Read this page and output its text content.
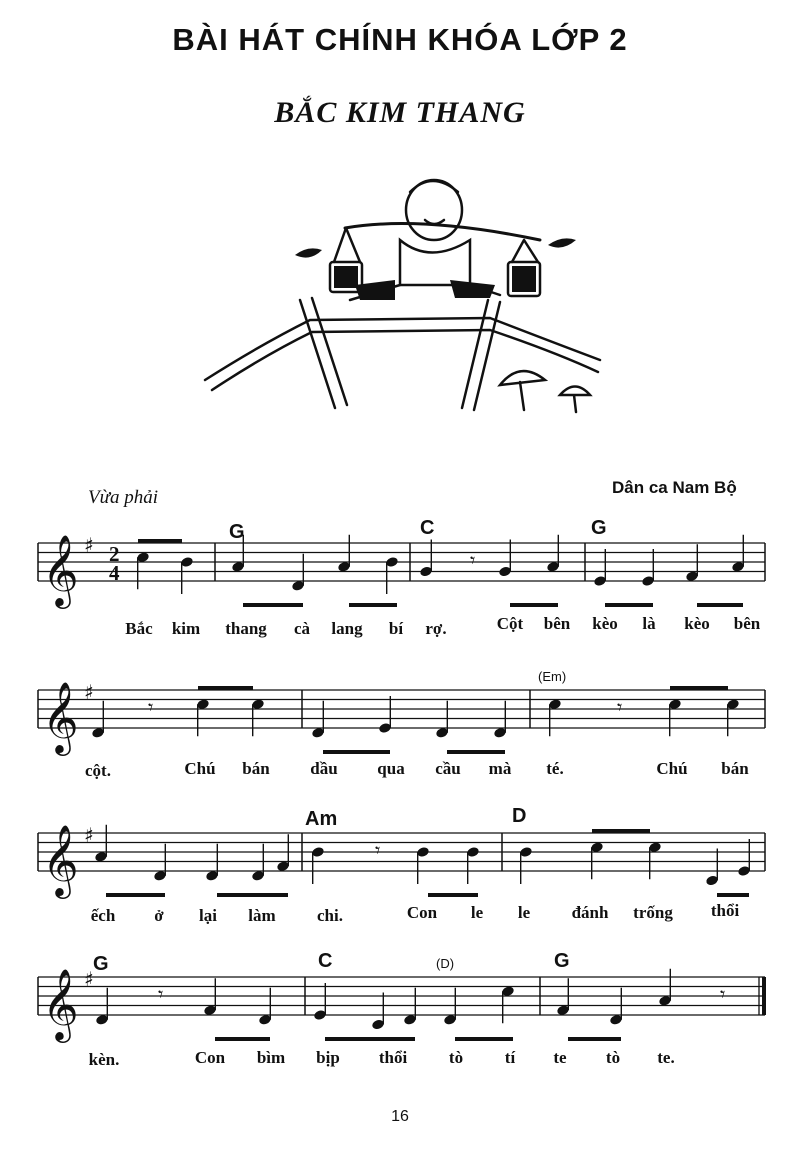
BÀI HÁT CHÍNH KHÓA LỚP 2
BẮC KIM THANG
Vừa phải	Dân ca Nam Bộ
𝄞 ♯ 2
4
𝄞 ♯
𝄞 ♯
𝄞 ♯
𝄾
𝄾	𝄾
𝄾
𝄾	𝄾
G	C	G
(Em)
Am	D
G	C	(D)	G
Bắc kim thang cà lang bí rợ.	Cột bên kèo là kèo bên
cột.	Chú bán dầu qua cầu mà té.	Chú bán
ếch ở lại làm chi.	Con le le đánh trống thổi
kèn.	Con bìm bịp thổi tò tí te tò te.
16
